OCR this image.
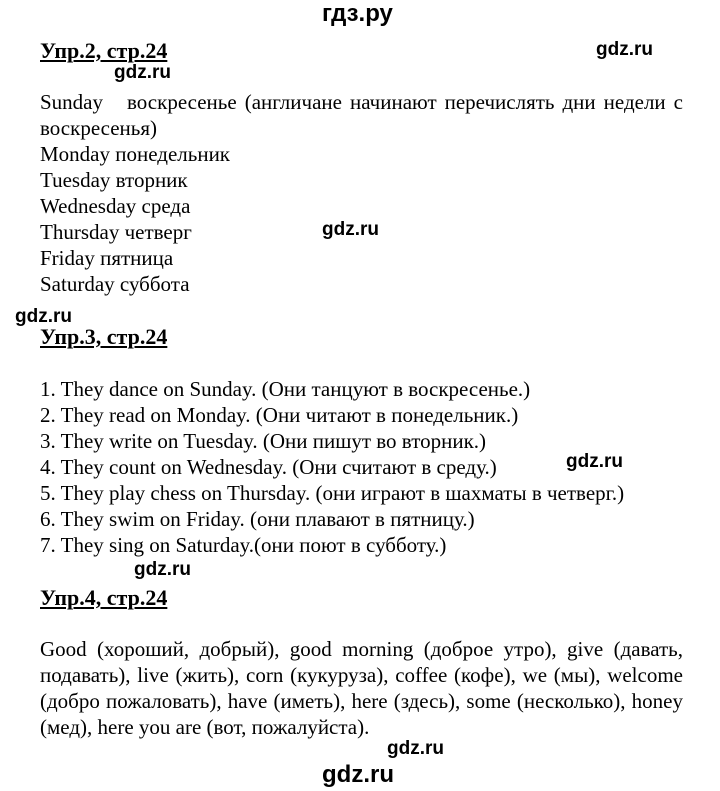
гдз.ру
Упр.2, стр.24	gdz.ru
gdz.ru

Sunday воскресенье (англичане начинают перечислять дни недели с воскресенья)

Monday понедельник
Tuesday вторник
Wednesday среда
Thursday четверг	gdz.ru
Friday пятница
Saturday суббота
gdz.ru
Упр.3, стр.24
1. They dance on Sunday. (Они танцуют в воскресенье.)
2. They read on Monday. (Они читают в понедельник.)
3. They write on Tuesday. (Они пишут во вторник.)
gdz.ru
4. They count on Wednesday. (Они считают в среду.)
5. They play chess on Thursday. (они играют в шахматы в четверг.)
6. They swim on Friday. (они плавают в пятницу.)
7. They sing on Saturday.(они поют в субботу.)
gdz.ru
Упр.4, стр.24

Good (хороший, добрый), good morning (доброе утро), give (давать, подавать), live (жить), corn (кукуруза), coffee (кофе), we (мы), welcome (добро пожаловать), have (иметь), here (здесь), some (несколько), honey (мед), here you are (вот, пожалуйста).

gdz.ru
gdz.ru
